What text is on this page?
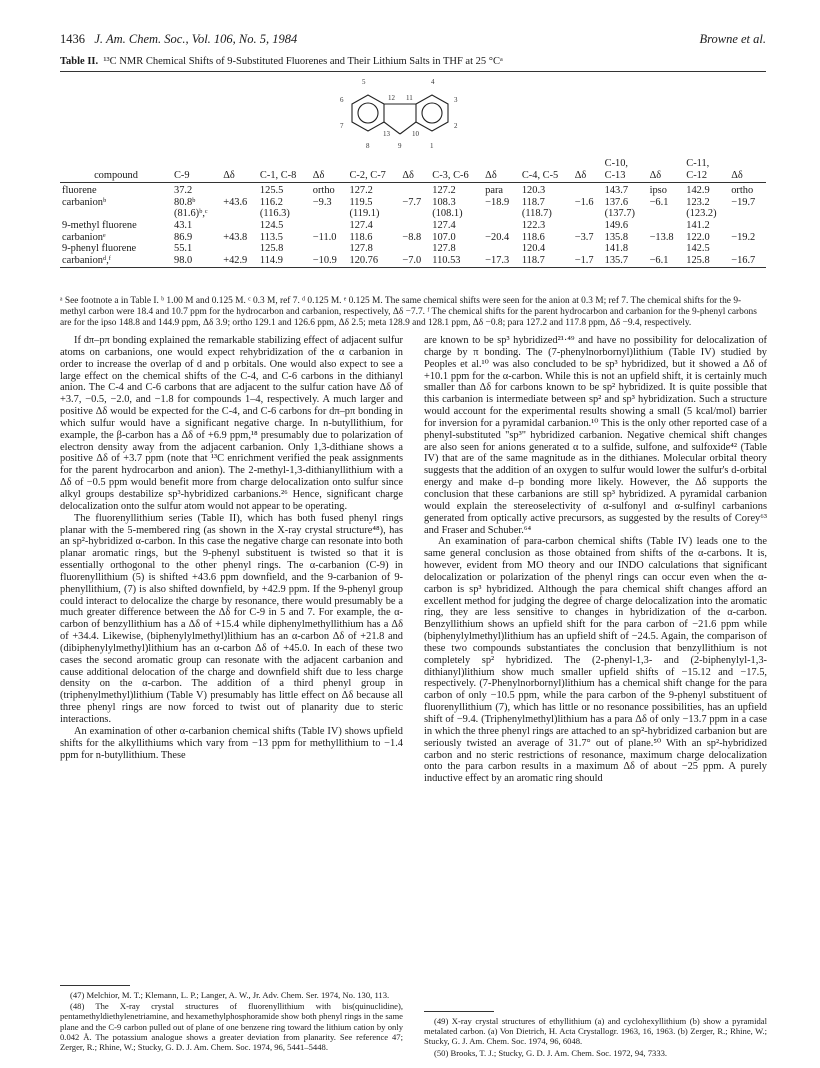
1436 J. Am. Chem. Soc., Vol. 106, No. 5, 1984	Browne et al.
Table II. ¹³C NMR Chemical Shifts of 9-Substituted Fluorenes and Their Lithium Salts in THF at 25 °Cᵃ
5	4
6	12 11	3
7	2
13	10
8	9	1
											C-10,		C-11,	
compound	C-9	Δδ	C-1, C-8	Δδ	C-2, C-7	Δδ	C-3, C-6	Δδ	C-4, C-5	Δδ	C-13	Δδ	C-12	Δδ
fluorene	37.2		125.5	ortho	127.2		127.2	para	120.3		143.7	ipso	142.9	ortho
carbanionᵇ	80.8ᵇ	+43.6	116.2	−9.3	119.5	−7.7	108.3	−18.9	118.7	−1.6	137.6	−6.1	123.2	−19.7
	(81.6)ᵇ,ᶜ		(116.3)		(119.1)		(108.1)		(118.7)		(137.7)		(123.2)	
9-methyl fluorene	43.1		124.5		127.4		127.4		122.3		149.6		141.2	
carbanionᵉ	86.9	+43.8	113.5	−11.0	118.6	−8.8	107.0	−20.4	118.6	−3.7	135.8	−13.8	122.0	−19.2
9-phenyl fluorene	55.1		125.8		127.8		127.8		120.4		141.8		142.5	
carbanionᵈ,ᶠ	98.0	+42.9	114.9	−10.9	120.76	−7.0	110.53	−17.3	118.7	−1.7	135.7	−6.1	125.8	−16.7
ᵃ See footnote a in Table I. ᵇ 1.00 M and 0.125 M. ᶜ 0.3 M, ref 7. ᵈ 0.125 M. ᵉ 0.125 M. The same chemical shifts were seen for the anion at 0.3 M; ref 7. The chemical shifts for the 9-methyl carbon were 18.4 and 10.7 ppm for the hydrocarbon and carbanion, respectively, Δδ −7.7. ᶠ The chemical shifts for the parent hydrocarbon and carbanion for the 9-phenyl carbons are for the ipso 148.8 and 144.9 ppm, Δδ 3.9; ortho 129.1 and 126.6 ppm, Δδ 2.5; meta 128.9 and 128.1 ppm, Δδ −0.8; para 127.2 and 117.8 ppm, Δδ −9.4, respectively.

If dπ–pπ bonding explained the remarkable stabilizing effect of adjacent sulfur atoms on carbanions, one would expect rehybridization of the α carbanion in order to increase the overlap of d and p orbitals. One would also expect to see a large effect on the chemical shifts of the C-4, and C-6 carbons in the dithianyl anion. The C-4 and C-6 carbons that are adjacent to the sulfur cation have Δδ of +3.7, −0.5, −2.0, and −1.8 for compounds 1–4, respectively. A much larger and positive Δδ would be expected for the C-4, and C-6 carbons for dπ–pπ bonding in which sulfur would have a significant negative charge. In n-butyllithium, for example, the β-carbon has a Δδ of +6.9 ppm,¹⁸ presumably due to polarization of electron density away from the adjacent carbanion. Only 1,3-dithiane shows a positive Δδ of +3.7 ppm (note that ¹³C enrichment verified the peak assignments for the parent hydrocarbon and anion). The 2-methyl-1,3-dithianyllithium with a Δδ of −0.5 ppm would benefit more from charge delocalization onto sulfur since alkyl groups destabilize sp³-hybridized carbanions.²⁶ Hence, significant charge delocalization onto the sulfur atom would not appear to be operating.

The fluorenyllithium series (Table II), which has both fused phenyl rings planar with the 5-membered ring (as shown in the X-ray crystal structure⁴⁸), has an sp²-hybridized α-carbon. In this case the negative charge can resonate into both planar aromatic rings, but the 9-phenyl substituent is twisted so that it is essentially orthogonal to the other phenyl rings. The α-carbanion (C-9) in fluorenyllithium (5) is shifted +43.6 ppm downfield, and the 9-carbanion of 9-phenyllithium, (7) is also shifted downfield, by +42.9 ppm. If the 9-phenyl group could interact to delocalize the charge by resonance, there would presumably be a much greater difference between the Δδ for C-9 in 5 and 7. For example, the α-carbon of benzyllithium has a Δδ of +15.4 while diphenylmethyllithium has a Δδ of +34.4. Likewise, (biphenylylmethyl)lithium has an α-carbon Δδ of +21.8 and (dibiphenylylmethyl)lithium has an α-carbon Δδ of +45.0. In each of these two cases the second aromatic group can resonate with the adjacent carbanion and cause additional delocation of the charge and downfield shift due to less charge density on the α-carbon. The addition of a third phenyl group in (triphenylmethyl)lithium (Table V) presumably has little effect on Δδ because all three phenyl rings are now forced to twist out of planarity due to steric interactions.

An examination of other α-carbanion chemical shifts (Table IV) shows upfield shifts for the alkyllithiums which vary from −13 ppm for methyllithium to −1.4 ppm for n-butyllithium. These

are known to be sp³ hybridized²¹·⁴⁹ and have no possibility for delocalization of charge by π bonding. The (7-phenylnorbornyl)lithium (Table IV) studied by Peoples et al.¹⁰ was also concluded to be sp³ hybridized, but it showed a Δδ of +10.1 ppm for the α-carbon. While this is not an upfield shift, it is certainly much smaller than Δδ for carbons known to be sp² hybridized. It is quite possible that this carbanion is intermediate between sp² and sp³ hybridization. Such a structure would account for the experimental results showing a small (5 kcal/mol) barrier for inversion for a pyramidal carbanion.¹⁰ This is the only other reported case of a phenyl-substituted "sp³" hybridized carbanion. Negative chemical shift changes are also seen for anions generated α to a sulfide, sulfone, and sulfoxide⁴² (Table IV) that are of the same magnitude as in the dithianes. Molecular orbital theory suggests that the addition of an oxygen to sulfur would lower the sulfur's d-orbital energy and make d–p bonding more likely. However, the Δδ supports the conclusion that these carbanions are still sp³ hybridized. A pyramidal carbanion would explain the stereoselectivity of α-sulfonyl and α-sulfinyl carbanions generated from optically active precursors, as suggested by the results of Corey⁶³ and Fraser and Schuber.⁶⁴

An examination of para-carbon chemical shifts (Table IV) leads one to the same general conclusion as those obtained from shifts of the α-carbons. It is, however, evident from MO theory and our INDO calculations that significant delocalization or polarization of the phenyl rings can occur even when the α-carbon is sp³ hybridized. Although the para chemical shift changes afford an excellent method for judging the degree of charge delocalization into the aromatic ring, they are less sensitive to changes in hybridization of the α-carbon. Benzyllithium shows an upfield shift for the para carbon of −21.6 ppm while (biphenylylmethyl)lithium has an upfield shift of −24.5. Again, the comparison of these two compounds substantiates the conclusion that benzyllithium is not completely sp² hybridized. The (2-phenyl-1,3- and (2-biphenylyl-1,3-dithianyl)lithium show much smaller upfield shifts of −15.12 and −17.5, respectively. (7-Phenylnorbornyl)lithium has a chemical shift change for the para carbon of only −10.5 ppm, while the para carbon of the 9-phenyl substituent of fluorenyllithium (7), which has little or no resonance possibilities, has an upfield shift of −9.4. (Triphenylmethyl)lithium has a para Δδ of only −13.7 ppm in a case in which the three phenyl rings are attached to an sp²-hybridized carbanion but are seriously twisted an average of 31.7° out of plane.⁵⁰ With an sp²-hybridized carbon and no steric restrictions of resonance, maximum charge delocalization onto the para carbon results in a maximum Δδ of about −25 ppm. A purely inductive effect by an aromatic ring should

(47) Melchior, M. T.; Klemann, L. P.; Langer, A. W., Jr. Adv. Chem. Ser. 1974, No. 130, 113.

(48) The X-ray crystal structures of fluorenyllithium with bis(quinuclidine), pentamethyldiethylenetriamine, and hexamethylphosphoramide show both phenyl rings in the same plane and the C-9 carbon pulled out of plane of one benzene ring toward the lithium cation by only 0.042 Å. The potassium analogue shows a greater deviation from planarity. See reference 47; Zerger, R.; Rhine, W.; Stucky, G. D. J. Am. Chem. Soc. 1974, 96, 5441–5448.

(49) X-ray crystal structures of ethyllithium (a) and cyclohexyllithium (b) show a pyramidal metalated carbon. (a) Von Dietrich, H. Acta Crystallogr. 1963, 16, 1963. (b) Zerger, R.; Rhine, W.; Stucky, G. J. Am. Chem. Soc. 1974, 96, 6048.

(50) Brooks, T. J.; Stucky, G. D. J. Am. Chem. Soc. 1972, 94, 7333.
